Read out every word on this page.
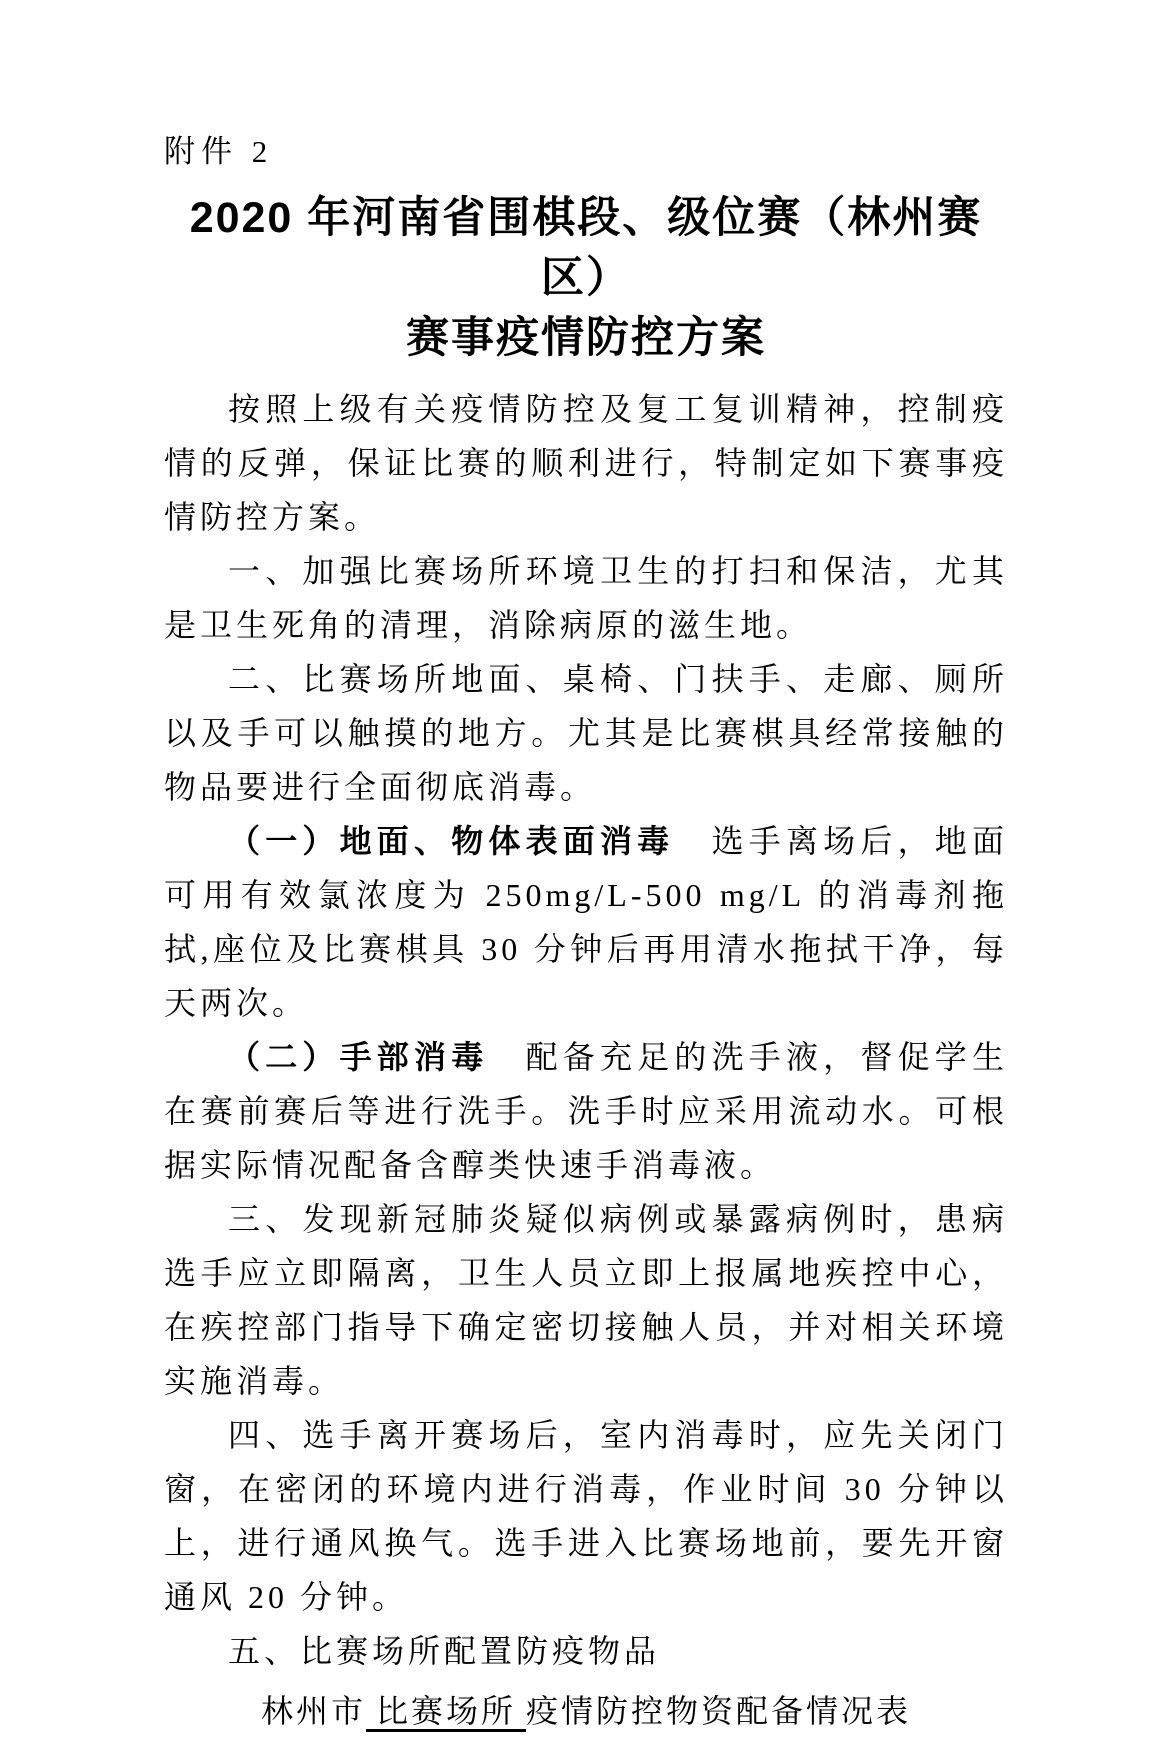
附件 2
2020 年河南省围棋段、级位赛（林州赛区）
赛事疫情防控方案

按照上级有关疫情防控及复工复训精神，控制疫情的反弹，保证比赛的顺利进行，特制定如下赛事疫情防控方案。

一、加强比赛场所环境卫生的打扫和保洁，尤其是卫生死角的清理，消除病原的滋生地。

二、比赛场所地面、桌椅、门扶手、走廊、厕所以及手可以触摸的地方。尤其是比赛棋具经常接触的物品要进行全面彻底消毒。

（一）地面、物体表面消毒　选手离场后，地面可用有效氯浓度为 250mg/L-500 mg/L 的消毒剂拖拭,座位及比赛棋具 30 分钟后再用清水拖拭干净，每天两次。

（二）手部消毒　配备充足的洗手液，督促学生在赛前赛后等进行洗手。洗手时应采用流动水。可根据实际情况配备含醇类快速手消毒液。

三、发现新冠肺炎疑似病例或暴露病例时，患病选手应立即隔离，卫生人员立即上报属地疾控中心，在疾控部门指导下确定密切接触人员，并对相关环境实施消毒。

四、选手离开赛场后，室内消毒时，应先关闭门窗，在密闭的环境内进行消毒，作业时间 30 分钟以上，进行通风换气。选手进入比赛场地前，要先开窗通风 20 分钟。

五、比赛场所配置防疫物品

林州市 比赛场所 疫情防控物资配备情况表
